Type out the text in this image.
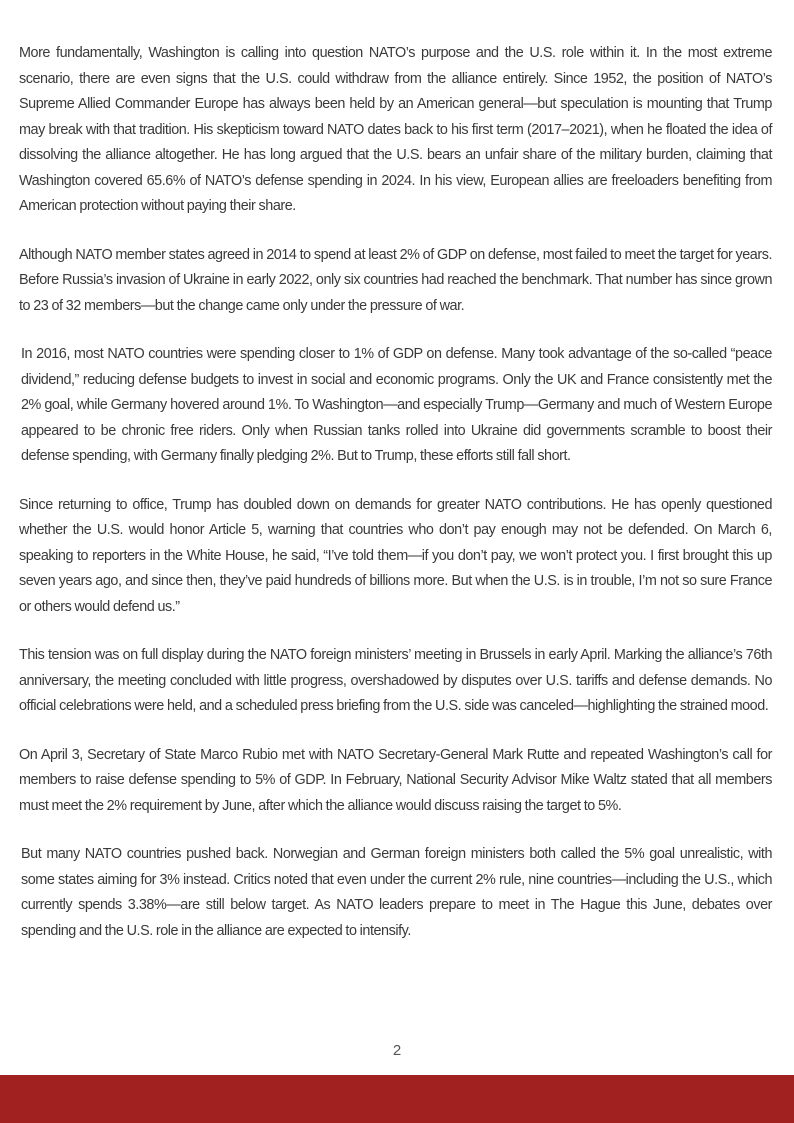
More fundamentally, Washington is calling into question NATO’s purpose and the U.S. role within it. In the most extreme scenario, there are even signs that the U.S. could withdraw from the alliance entirely. Since 1952, the position of NATO’s Supreme Allied Commander Europe has always been held by an American general—but speculation is mounting that Trump may break with that tradition. His skepticism toward NATO dates back to his first term (2017–2021), when he floated the idea of dissolving the alliance altogether. He has long argued that the U.S. bears an unfair share of the military burden, claiming that Washington covered 65.6% of NATO’s defense spending in 2024. In his view, European allies are freeloaders benefiting from American protection without paying their share.

Although NATO member states agreed in 2014 to spend at least 2% of GDP on defense, most failed to meet the target for years. Before Russia’s invasion of Ukraine in early 2022, only six countries had reached the benchmark. That number has since grown to 23 of 32 members—but the change came only under the pressure of war.

In 2016, most NATO countries were spending closer to 1% of GDP on defense. Many took advantage of the so-called “peace dividend,” reducing defense budgets to invest in social and economic programs. Only the UK and France consistently met the 2% goal, while Germany hovered around 1%. To Washington—and especially Trump—Germany and much of Western Europe appeared to be chronic free riders. Only when Russian tanks rolled into Ukraine did governments scramble to boost their defense spending, with Germany finally pledging 2%. But to Trump, these efforts still fall short.

Since returning to office, Trump has doubled down on demands for greater NATO contributions. He has openly questioned whether the U.S. would honor Article 5, warning that countries who don’t pay enough may not be defended. On March 6, speaking to reporters in the White House, he said, “I’ve told them—if you don’t pay, we won’t protect you. I first brought this up seven years ago, and since then, they’ve paid hundreds of billions more. But when the U.S. is in trouble, I’m not so sure France or others would defend us.”

This tension was on full display during the NATO foreign ministers’ meeting in Brussels in early April. Marking the alliance’s 76th anniversary, the meeting concluded with little progress, overshadowed by disputes over U.S. tariffs and defense demands. No official celebrations were held, and a scheduled press briefing from the U.S. side was canceled—highlighting the strained mood.

On April 3, Secretary of State Marco Rubio met with NATO Secretary-General Mark Rutte and repeated Washington’s call for members to raise defense spending to 5% of GDP. In February, National Security Advisor Mike Waltz stated that all members must meet the 2% requirement by June, after which the alliance would discuss raising the target to 5%.

But many NATO countries pushed back. Norwegian and German foreign ministers both called the 5% goal unrealistic, with some states aiming for 3% instead. Critics noted that even under the current 2% rule, nine countries—including the U.S., which currently spends 3.38%—are still below target. As NATO leaders prepare to meet in The Hague this June, debates over spending and the U.S. role in the alliance are expected to intensify.

2
